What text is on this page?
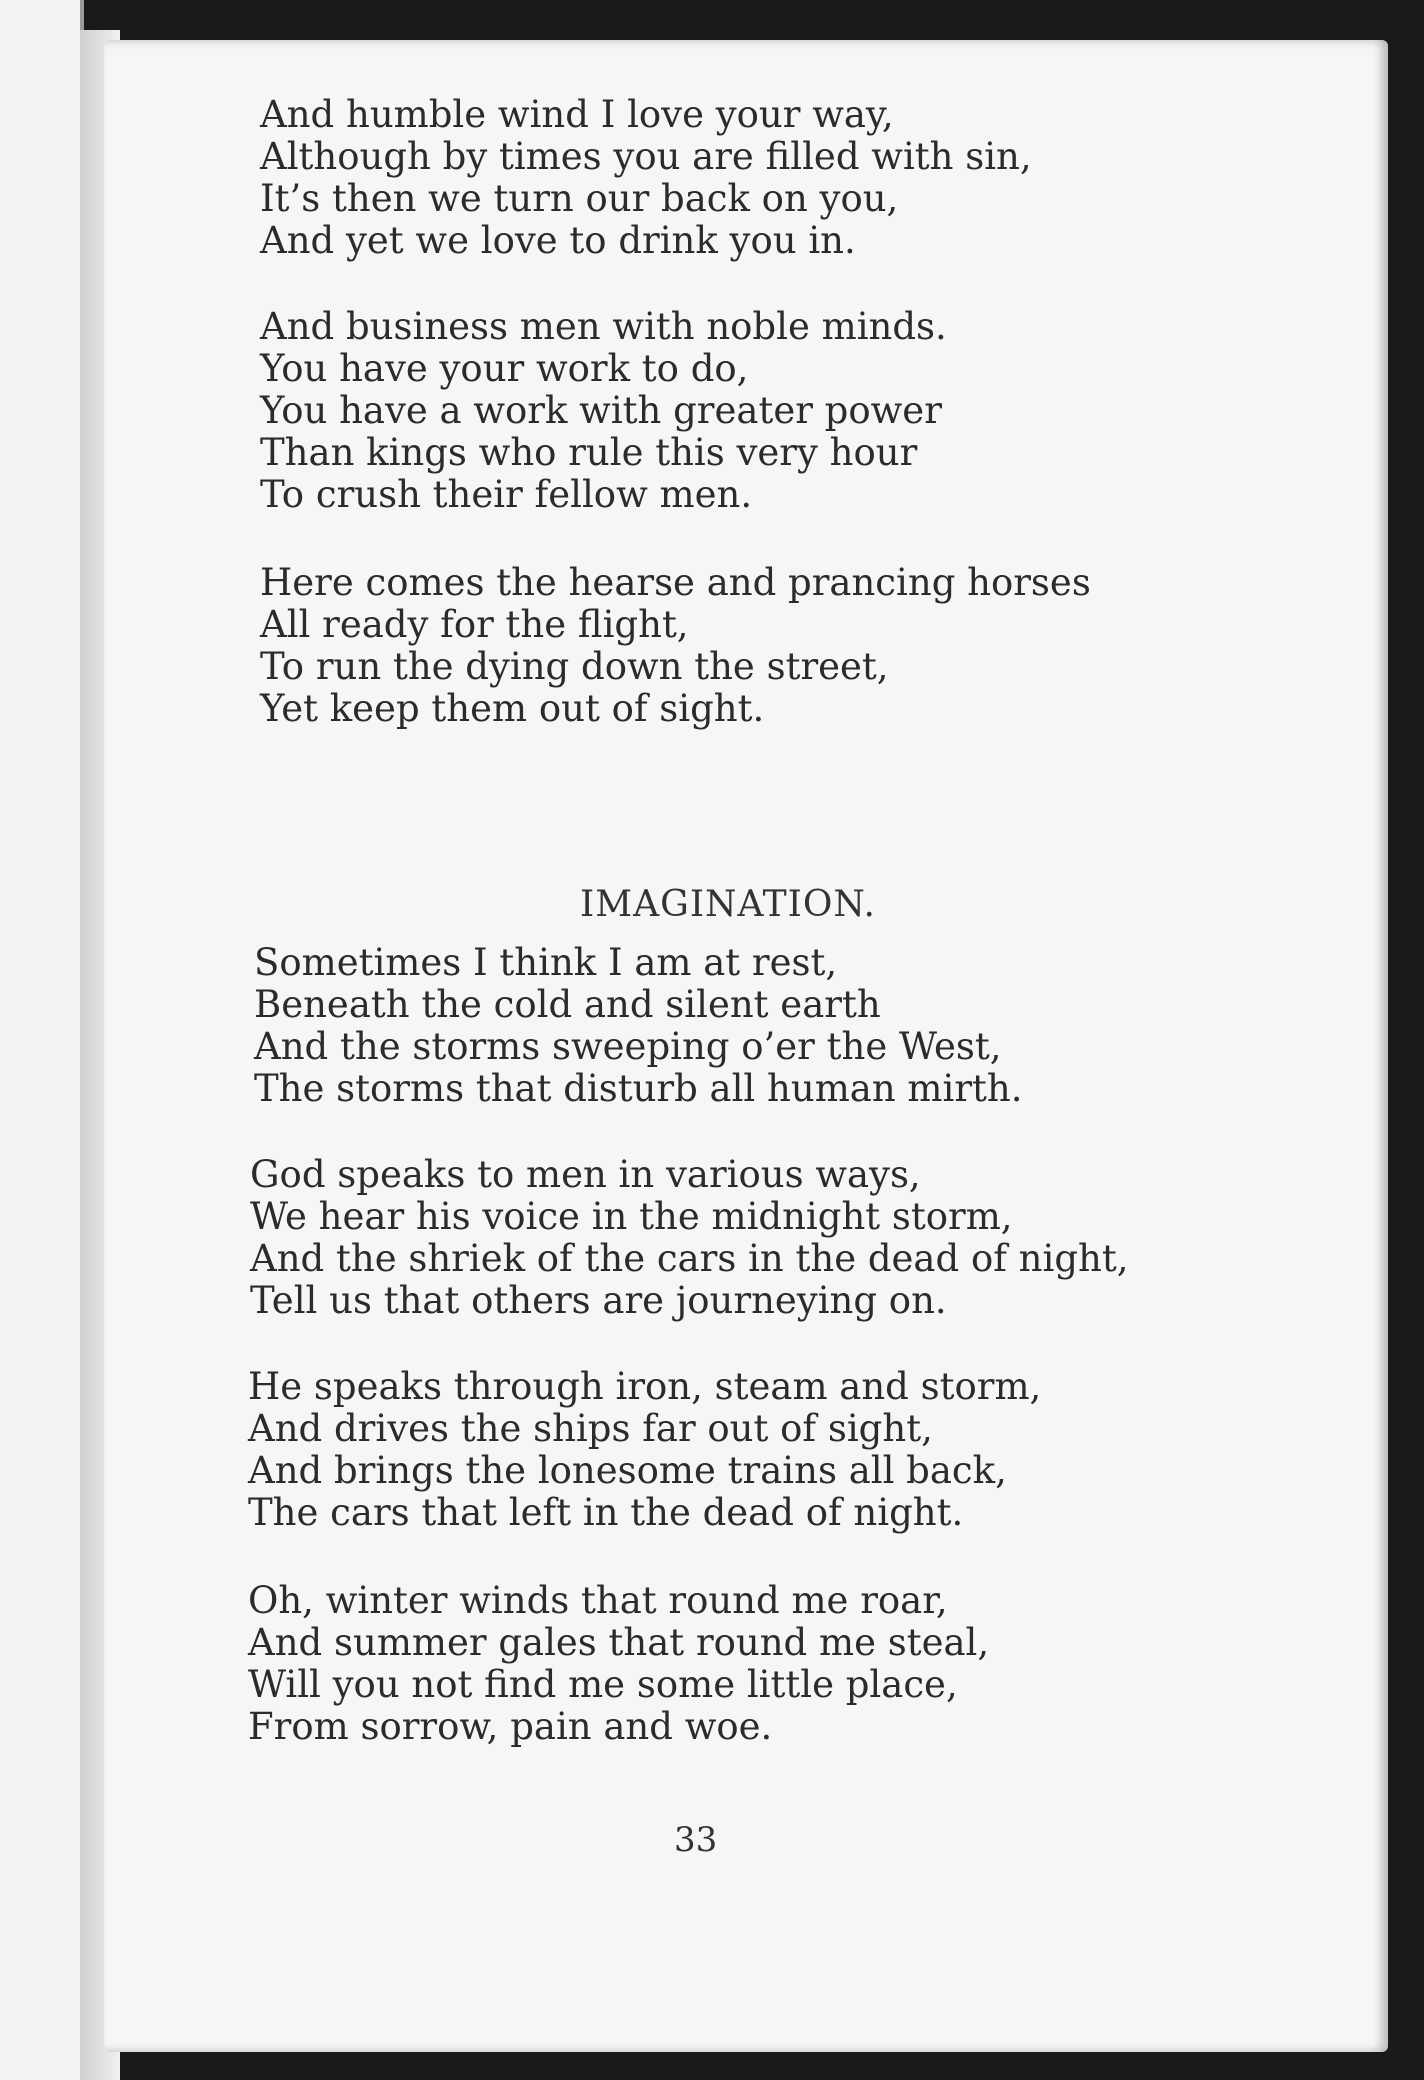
And humble wind I love your way,
Although by times you are filled with sin,
It’s then we turn our back on you,
And yet we love to drink you in.

And business men with noble minds.
You have your work to do,
You have a work with greater power
Than kings who rule this very hour
To crush their fellow men.

Here comes the hearse and prancing horses
All ready for the flight,
To run the dying down the street,
Yet keep them out of sight.

IMAGINATION.

Sometimes I think I am at rest,
Beneath the cold and silent earth
And the storms sweeping o’er the West,
The storms that disturb all human mirth.

God speaks to men in various ways,
We hear his voice in the midnight storm,
And the shriek of the cars in the dead of night,
Tell us that others are journeying on.

He speaks through iron, steam and storm,
And drives the ships far out of sight,
And brings the lonesome trains all back,
The cars that left in the dead of night.

Oh, winter winds that round me roar,
And summer gales that round me steal,
Will you not find me some little place,
From sorrow, pain and woe.

33
